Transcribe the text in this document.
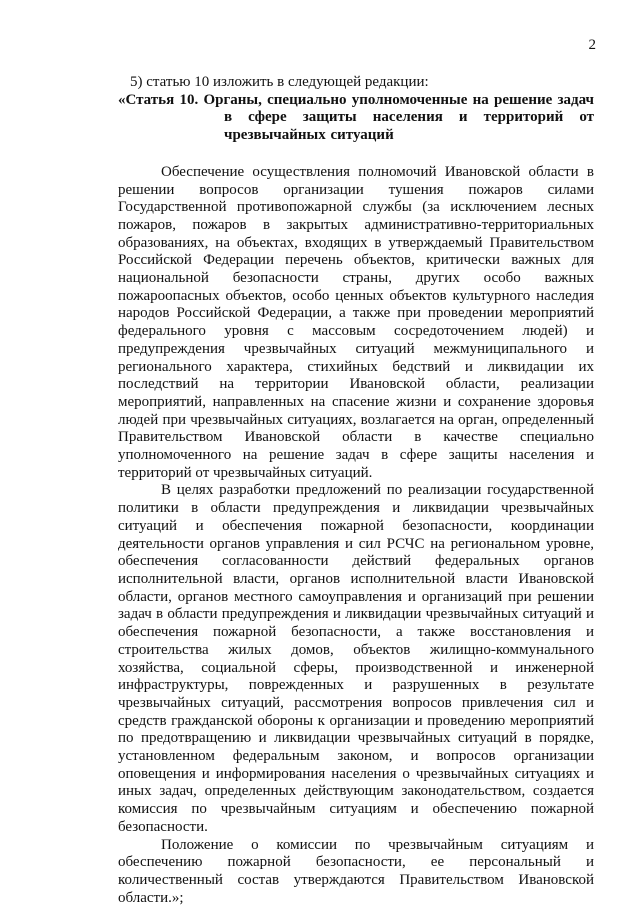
2

5) статью 10 изложить в следующей редакции:

«Статья 10. Органы, специально уполномоченные на решение задач в сфере защиты населения и территорий от чрезвычайных ситуаций

Обеспечение осуществления полномочий Ивановской области в решении вопросов организации тушения пожаров силами Государственной противопожарной службы (за исключением лесных пожаров, пожаров в закрытых административно-территориальных образованиях, на объектах, входящих в утверждаемый Правительством Российской Федерации перечень объектов, критически важных для национальной безопасности страны, других особо важных пожароопасных объектов, особо ценных объектов культурного наследия народов Российской Федерации, а также при проведении мероприятий федерального уровня с массовым сосредоточением людей) и предупреждения чрезвычайных ситуаций межмуниципального и регионального характера, стихийных бедствий и ликвидации их последствий на территории Ивановской области, реализации мероприятий, направленных на спасение жизни и сохранение здоровья людей при чрезвычайных ситуациях, возлагается на орган, определенный Правительством Ивановской области в качестве специально уполномоченного на решение задач в сфере защиты населения и территорий от чрезвычайных ситуаций.

В целях разработки предложений по реализации государственной политики в области предупреждения и ликвидации чрезвычайных ситуаций и обеспечения пожарной безопасности, координации деятельности органов управления и сил РСЧС на региональном уровне, обеспечения согласованности действий федеральных органов исполнительной власти, органов исполнительной власти Ивановской области, органов местного самоуправления и организаций при решении задач в области предупреждения и ликвидации чрезвычайных ситуаций и обеспечения пожарной безопасности, а также восстановления и строительства жилых домов, объектов жилищно-коммунального хозяйства, социальной сферы, производственной и инженерной инфраструктуры, поврежденных и разрушенных в результате чрезвычайных ситуаций, рассмотрения вопросов привлечения сил и средств гражданской обороны к организации и проведению мероприятий по предотвращению и ликвидации чрезвычайных ситуаций в порядке, установленном федеральным законом, и вопросов организации оповещения и информирования населения о чрезвычайных ситуациях и иных задач, определенных действующим законодательством, создается комиссия по чрезвычайным ситуациям и обеспечению пожарной безопасности.

Положение о комиссии по чрезвычайным ситуациям и обеспечению пожарной безопасности, ее персональный и количественный состав утверждаются Правительством Ивановской области.»;
